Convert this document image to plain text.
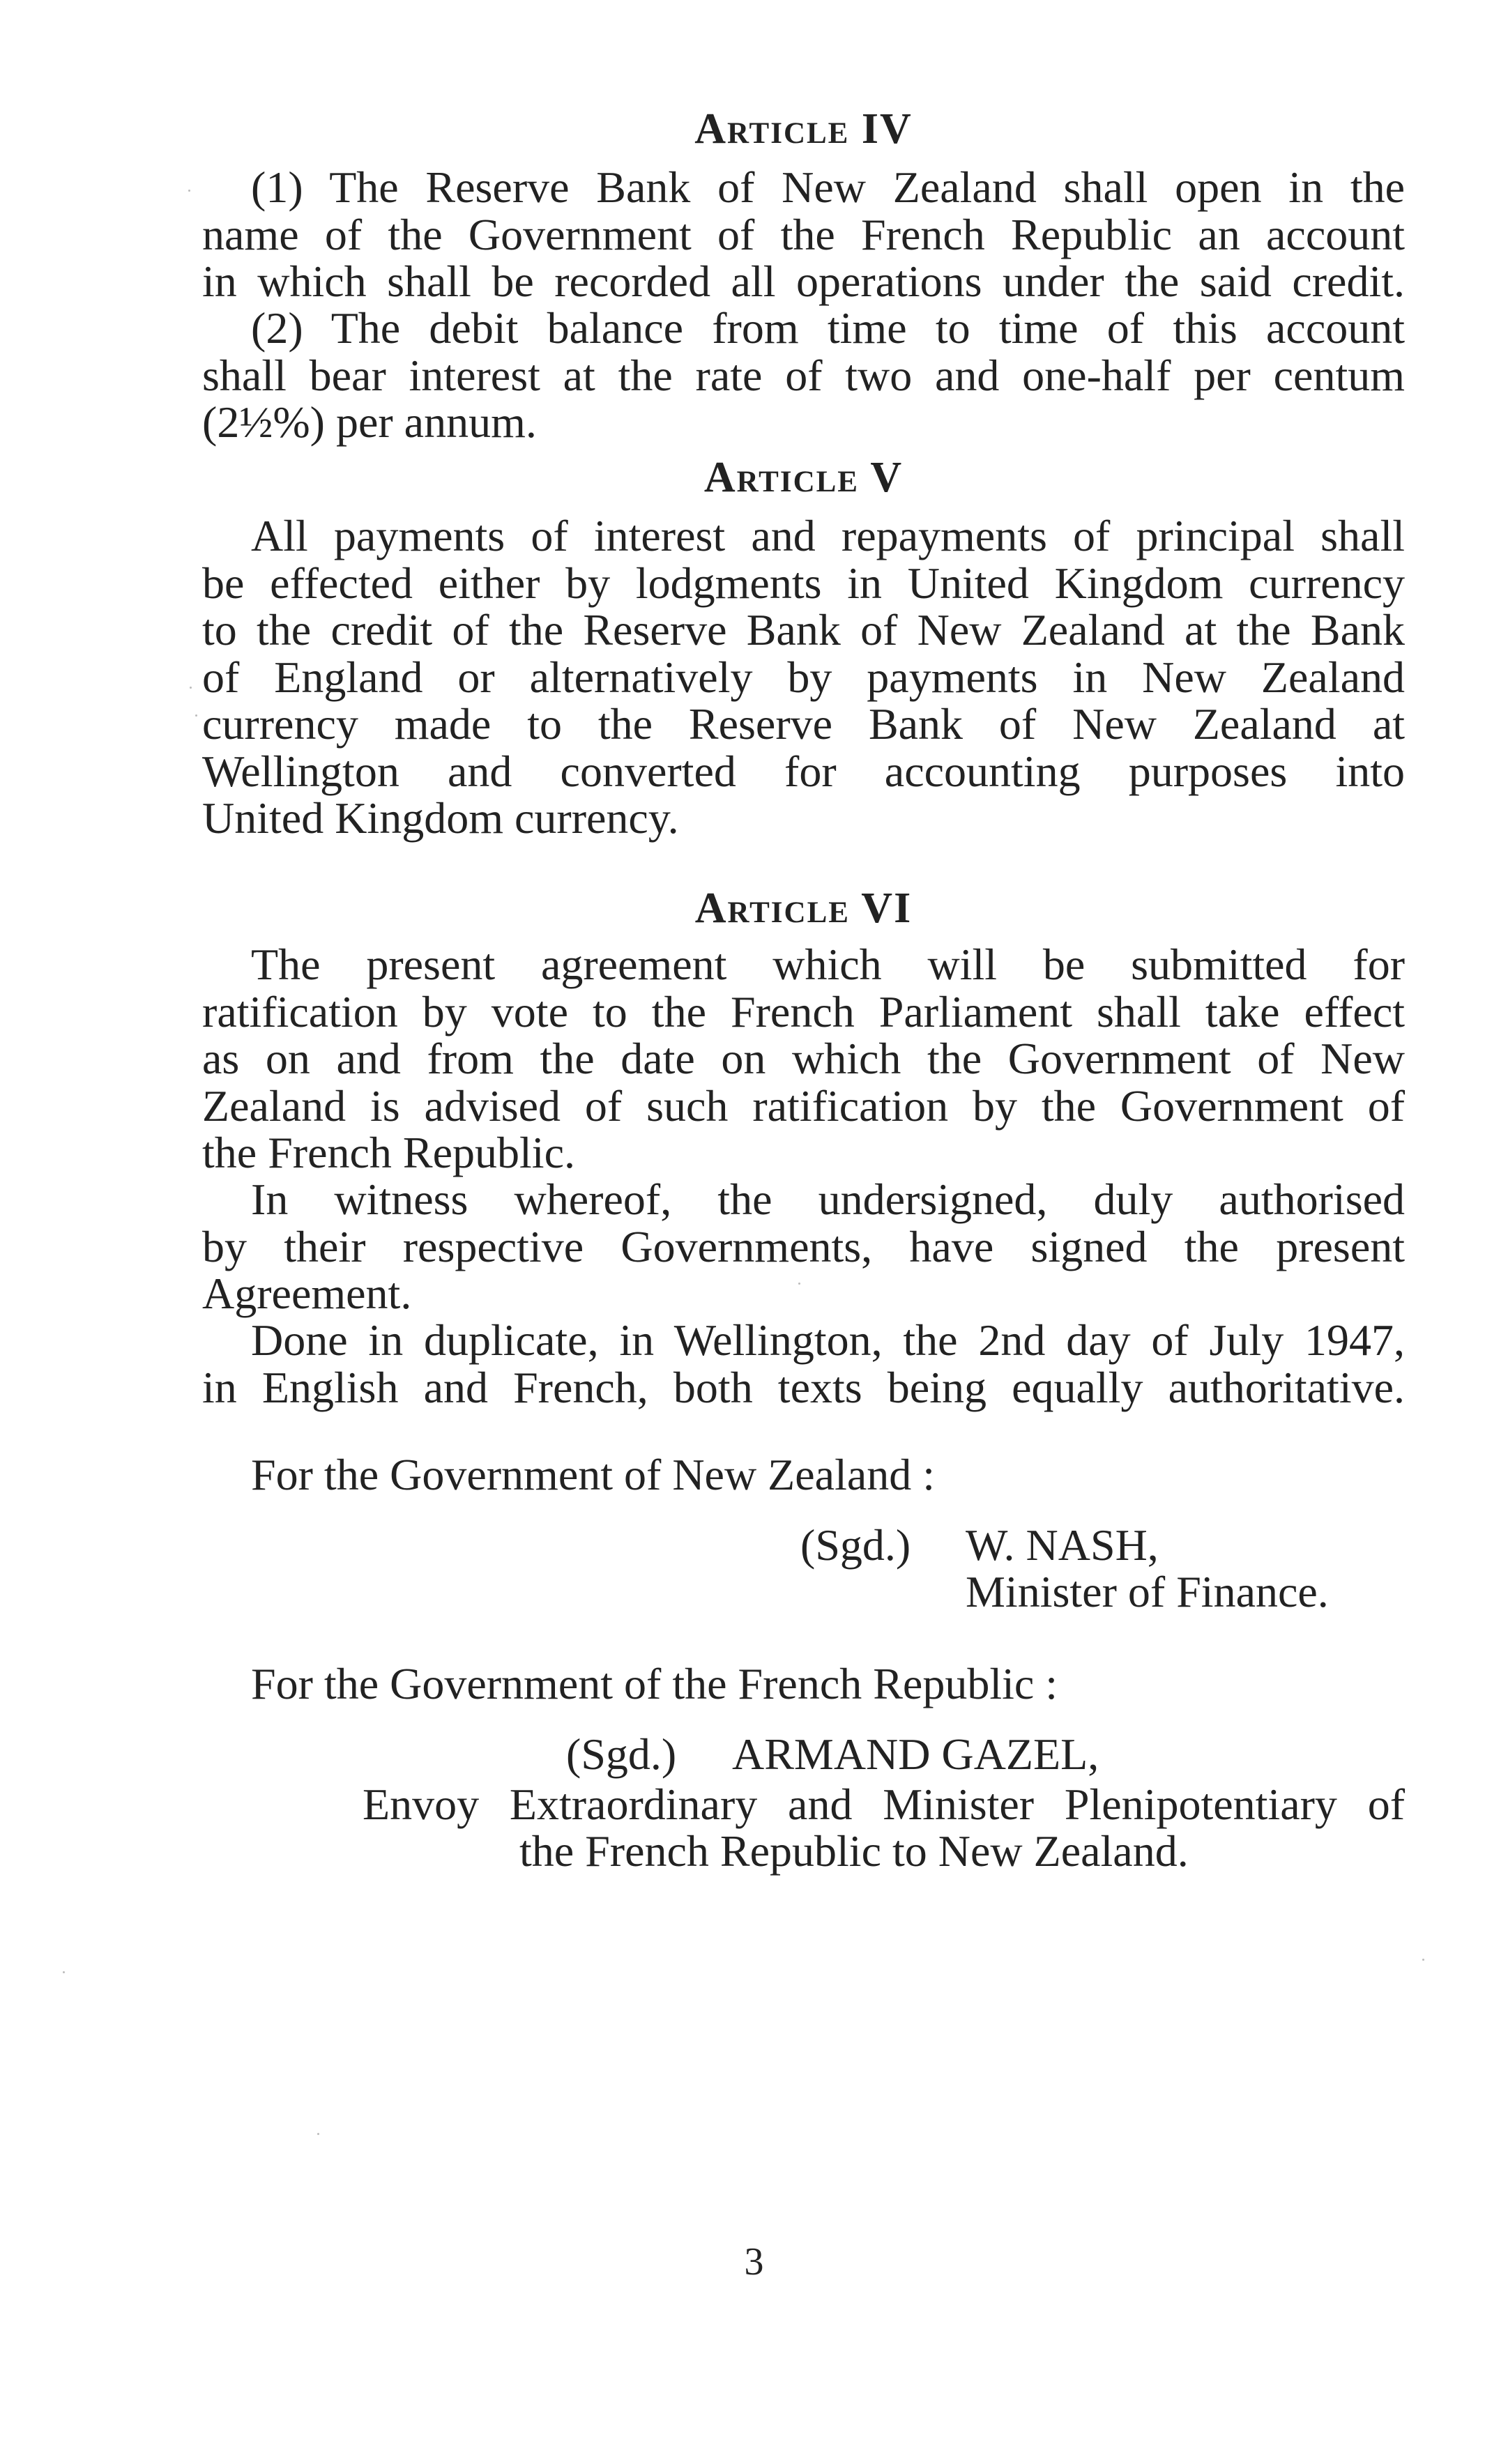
Article IV

(1) The Reserve Bank of New Zealand shall open in the
name of the Government of the French Republic an account
in which shall be recorded all operations under the said credit.

(2) The debit balance from time to time of this account
shall bear interest at the rate of two and one-half per centum
(2½%) per annum.

Article V

All payments of interest and repayments of principal shall
be effected either by lodgments in United Kingdom currency
to the credit of the Reserve Bank of New Zealand at the Bank
of England or alternatively by payments in New Zealand
currency made to the Reserve Bank of New Zealand at
Wellington and converted for accounting purposes into
United Kingdom currency.

Article VI

The present agreement which will be submitted for
ratification by vote to the French Parliament shall take effect
as on and from the date on which the Government of New
Zealand is advised of such ratification by the Government of
the French Republic.

In witness whereof, the undersigned, duly authorised
by their respective Governments, have signed the present
Agreement.

Done in duplicate, in Wellington, the 2nd day of July 1947,
in English and French, both texts being equally authoritative.

For the Government of New Zealand :

(Sgd.) W. NASH,
Minister of Finance.

For the Government of the French Republic :

(Sgd.) ARMAND GAZEL,
Envoy Extraordinary and Minister Plenipotentiary of
the French Republic to New Zealand.
3
